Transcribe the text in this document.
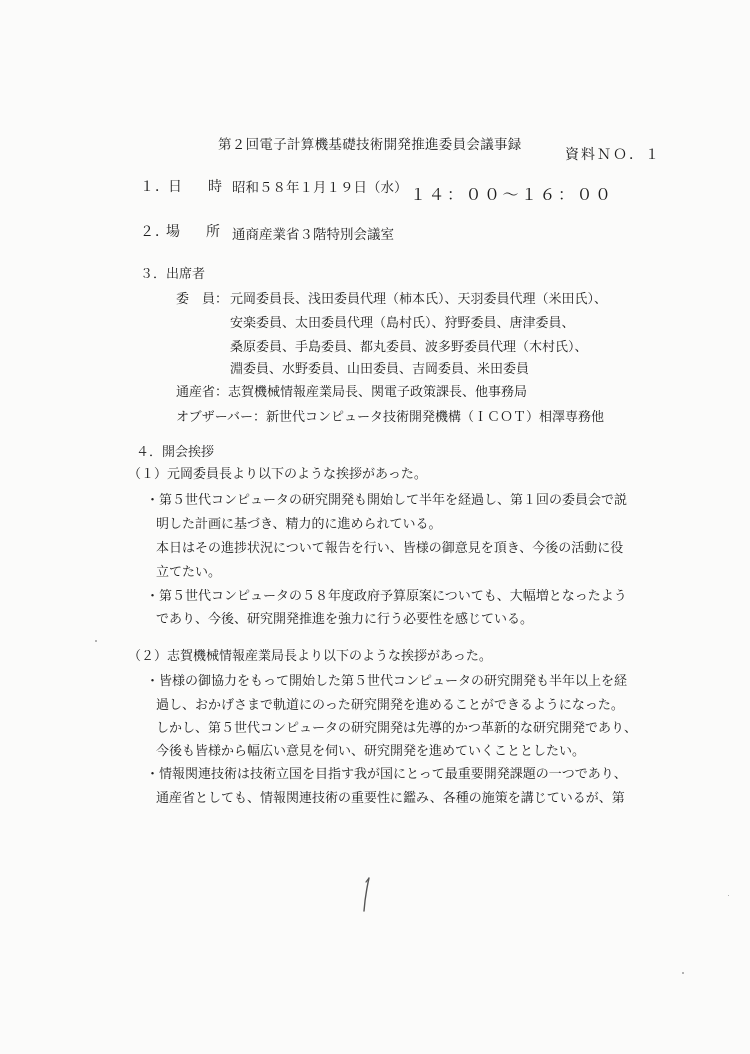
第２回電子計算機基礎技術開発推進委員会議事録
資料ＮＯ．１
１．
日　時 昭和５８年１月１９日（水） １４：００〜１６：００
２．
場　所 通商産業省３階特別会議室
３．出席者
委　員： 元岡委員長、浅田委員代理（柿本氏）、天羽委員代理（米田氏）、
安楽委員、太田委員代理（島村氏）、狩野委員、唐津委員、
桑原委員、手島委員、都丸委員、波多野委員代理（木村氏）、
淵委員、水野委員、山田委員、吉岡委員、米田委員
通産省：志賀機械情報産業局長、関電子政策課長、他事務局
オブザーバー：新世代コンピュータ技術開発機構（ＩＣＯＴ）相澤専務他
４．開会挨拶
（１）元岡委員長より以下のような挨拶があった。
・第５世代コンピュータの研究開発も開始して半年を経過し、第１回の委員会で説
明した計画に基づき、精力的に進められている。
本日はその進捗状況について報告を行い、皆様の御意見を頂き、今後の活動に役
立てたい。
・第５世代コンピュータの５８年度政府予算原案についても、大幅増となったよう
であり、今後、研究開発推進を強力に行う必要性を感じている。
（２）志賀機械情報産業局長より以下のような挨拶があった。
・皆様の御協力をもって開始した第５世代コンピュータの研究開発も半年以上を経
過し、おかげさまで軌道にのった研究開発を進めることができるようになった。
しかし、第５世代コンピュータの研究開発は先導的かつ革新的な研究開発であり、
今後も皆様から幅広い意見を伺い、研究開発を進めていくこととしたい。
・情報関連技術は技術立国を目指す我が国にとって最重要開発課題の一つであり、
通産省としても、情報関連技術の重要性に鑑み、各種の施策を講じているが、第
